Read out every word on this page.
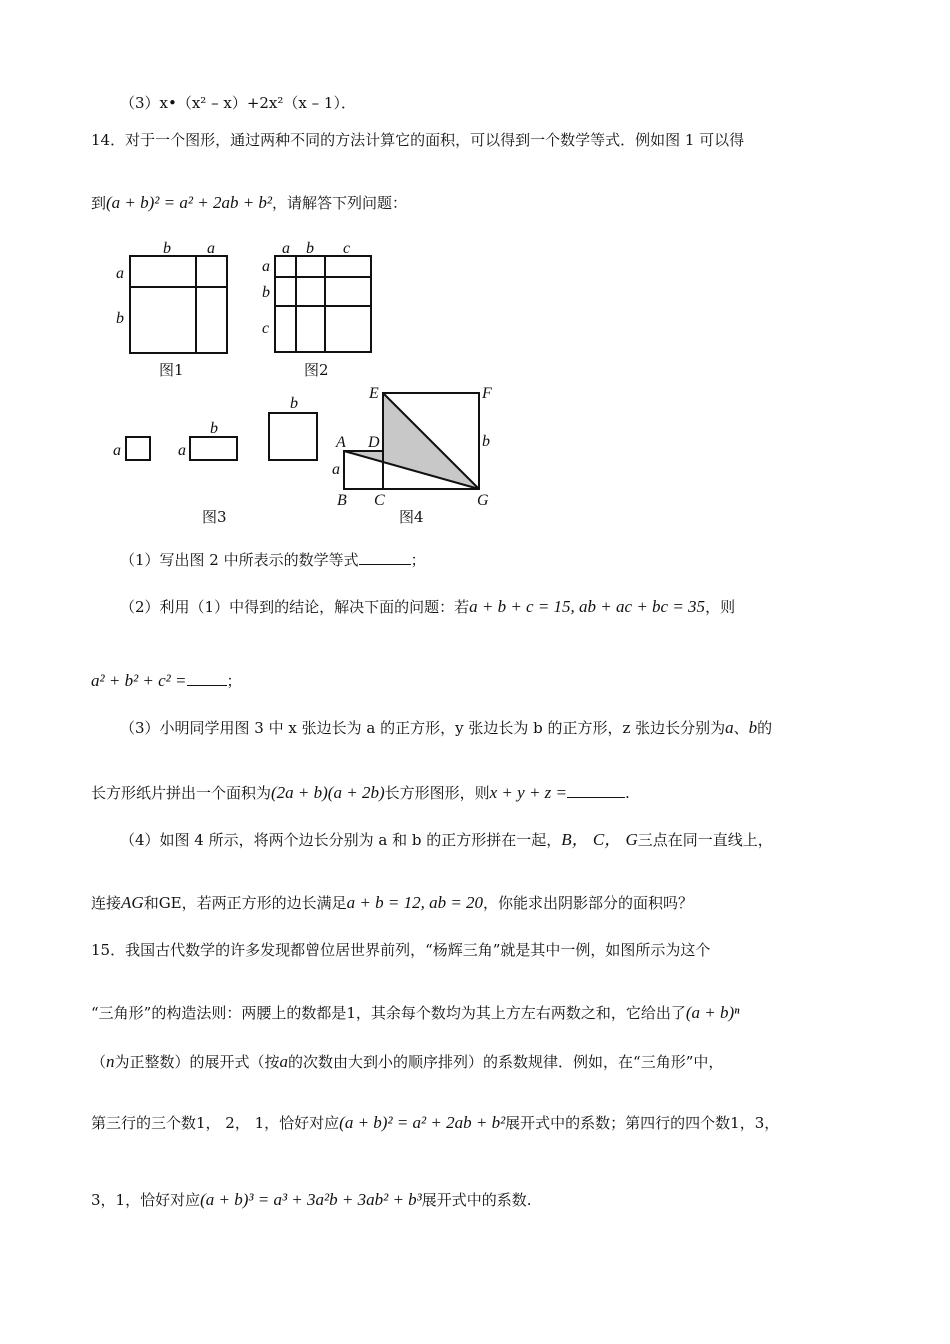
（3）x•（x² – x）+2x²（x – 1）．
14．对于一个图形，通过两种不同的方法计算它的面积，可以得到一个数学等式．例如图 1 可以得
到(a + b)² = a² + 2ab + b²，请解答下列问题：
b a
a
b
图1
a b c
a
b
c
图2
a	a
b
b
图3
E	F
A D
B C	G
a
b
图4
（1）写出图 2 中所表示的数学等式	；
（2）利用（1）中得到的结论，解决下面的问题：若a + b + c = 15, ab + ac + bc = 35，则
a² + b² + c² =	；
（3）小明同学用图 3 中 x 张边长为 a 的正方形，y 张边长为 b 的正方形，z 张边长分别为a、b的
长方形纸片拼出一个面积为(2a + b)(a + 2b)长方形图形，则x + y + z =	.
（4）如图 4 所示，将两个边长分别为 a 和 b 的正方形拼在一起，B， C， G三点在同一直线上，
连接AG和GE，若两正方形的边长满足a + b = 12, ab = 20，你能求出阴影部分的面积吗？
15．我国古代数学的许多发现都曾位居世界前列，“杨辉三角”就是其中一例，如图所示为这个
“三角形”的构造法则：两腰上的数都是1，其余每个数均为其上方左右两数之和，它给出了(a + b)ⁿ
（n为正整数）的展开式（按a的次数由大到小的顺序排列）的系数规律．例如，在“三角形”中，
第三行的三个数1， 2， 1，恰好对应(a + b)² = a² + 2ab + b²展开式中的系数；第四行的四个数1，3，
3，1，恰好对应(a + b)³ = a³ + 3a²b + 3ab² + b³展开式中的系数.
